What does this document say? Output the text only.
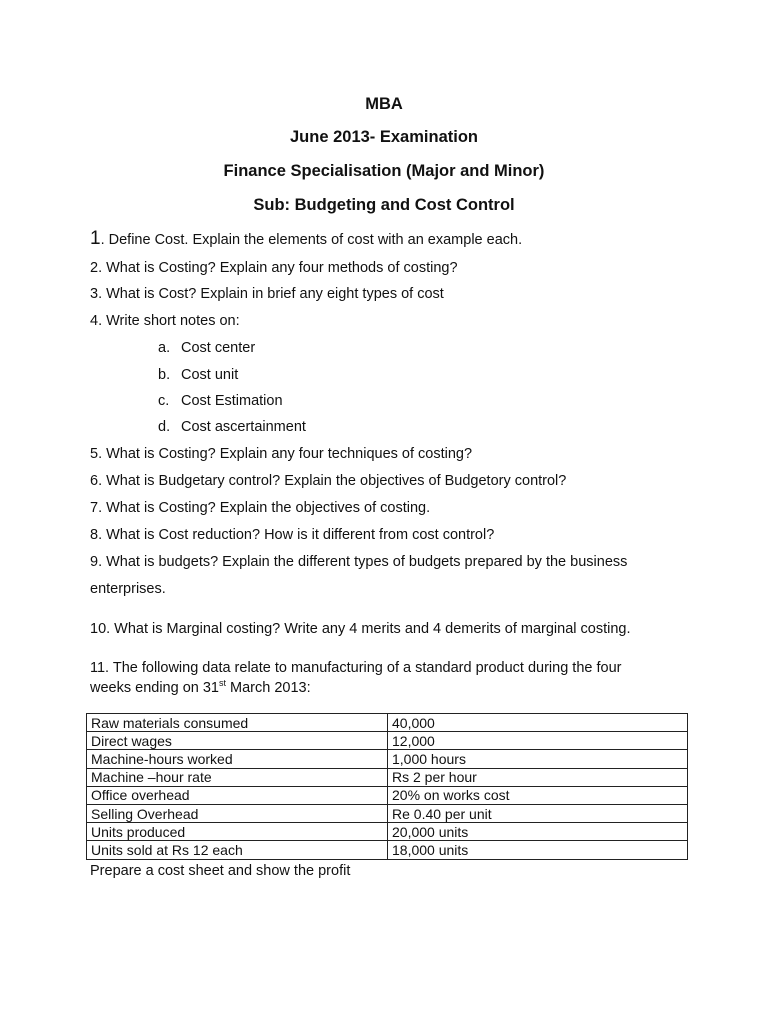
MBA
June 2013- Examination
Finance Specialisation (Major and Minor)
Sub: Budgeting and Cost Control
1. Define Cost. Explain the elements of cost with an example each.
2. What is Costing? Explain any four methods of costing?
3. What is Cost? Explain in brief any eight types of cost
4. Write short notes on:
a. Cost center
b. Cost unit
c. Cost Estimation
d. Cost ascertainment
5. What is Costing? Explain any four techniques of costing?
6. What is Budgetary control? Explain the objectives of Budgetory control?
7. What is Costing? Explain the objectives of costing.
8. What is Cost reduction? How is it different from cost control?
9. What is budgets? Explain the different types of budgets prepared by the business
enterprises.
10. What is Marginal costing? Write any 4 merits and 4 demerits of marginal costing.
11. The following data relate to manufacturing of a standard product during the four
weeks ending on 31st March 2013:
Raw materials consumed	40,000
Direct wages	12,000
Machine-hours worked	1,000 hours
Machine –hour rate	Rs 2 per hour
Office overhead	20% on works cost
Selling Overhead	Re 0.40 per unit
Units produced	20,000 units
Units sold at Rs 12 each	18,000 units
Prepare a cost sheet and show the profit
